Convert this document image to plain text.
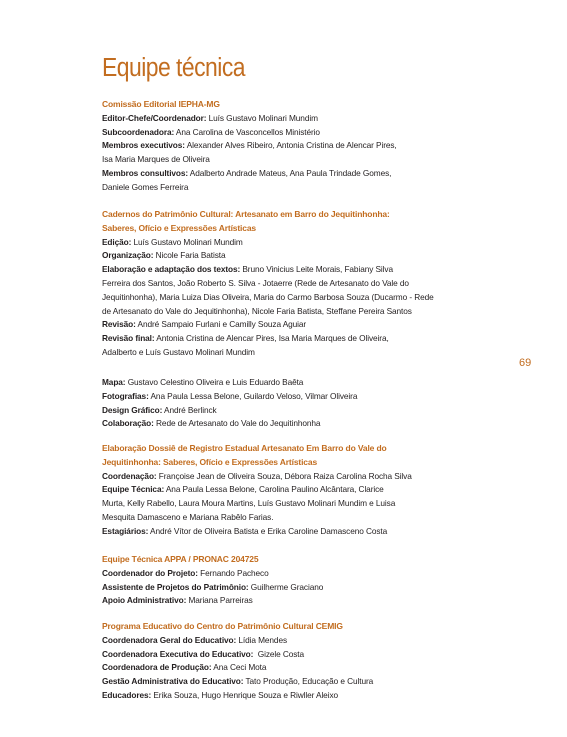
Equipe técnica
69

Comissão Editorial IEPHA-MG

Editor-Chefe/Coordenador: Luís Gustavo Molinari Mundim

Subcoordenadora: Ana Carolina de Vasconcellos Ministério

Membros executivos: Alexander Alves Ribeiro, Antonia Cristina de Alencar Pires,

Isa Maria Marques de Oliveira

Membros consultivos: Adalberto Andrade Mateus, Ana Paula Trindade Gomes,

Daniele Gomes Ferreira

Cadernos do Patrimônio Cultural: Artesanato em Barro do Jequitinhonha:

Saberes, Ofício e Expressões Artísticas

Edição: Luís Gustavo Molinari Mundim

Organização: Nicole Faria Batista

Elaboração e adaptação dos textos: Bruno Vinicius Leite Morais, Fabiany Silva

Ferreira dos Santos, João Roberto S. Silva - Jotaerre (Rede de Artesanato do Vale do

Jequitinhonha), Maria Luiza Dias Oliveira, Maria do Carmo Barbosa Souza (Ducarmo - Rede

de Artesanato do Vale do Jequitinhonha), Nicole Faria Batista, Steffane Pereira Santos

Revisão: André Sampaio Furlani e Camilly Souza Aguiar

Revisão final: Antonia Cristina de Alencar Pires, Isa Maria Marques de Oliveira,

Adalberto e Luís Gustavo Molinari Mundim

Mapa: Gustavo Celestino Oliveira e Luis Eduardo Baêta

Fotografias: Ana Paula Lessa Belone, Guilardo Veloso, Vilmar Oliveira

Design Gráfico: André Berlinck

Colaboração: Rede de Artesanato do Vale do Jequitinhonha

Elaboração Dossiê de Registro Estadual Artesanato Em Barro do Vale do

Jequitinhonha: Saberes, Ofício e Expressões Artísticas

Coordenação: Françoise Jean de Oliveira Souza, Débora Raiza Carolina Rocha Silva

Equipe Técnica: Ana Paula Lessa Belone, Carolina Paulino Alcântara, Clarice

Murta, Kelly Rabello, Laura Moura Martins, Luís Gustavo Molinari Mundim e Luisa

Mesquita Damasceno e Mariana Rabêlo Farias.

Estagiários: André Vítor de Oliveira Batista e Erika Caroline Damasceno Costa

Equipe Técnica APPA / PRONAC 204725

Coordenador do Projeto: Fernando Pacheco

Assistente de Projetos do Patrimônio: Guilherme Graciano

Apoio Administrativo: Mariana Parreiras

Programa Educativo do Centro do Patrimônio Cultural CEMIG

Coordenadora Geral do Educativo: Lídia Mendes

Coordenadora Executiva do Educativo:  Gizele Costa

Coordenadora de Produção: Ana Ceci Mota

Gestão Administrativa do Educativo: Tato Produção, Educação e Cultura

Educadores: Erika Souza, Hugo Henrique Souza e Riwller Aleixo
